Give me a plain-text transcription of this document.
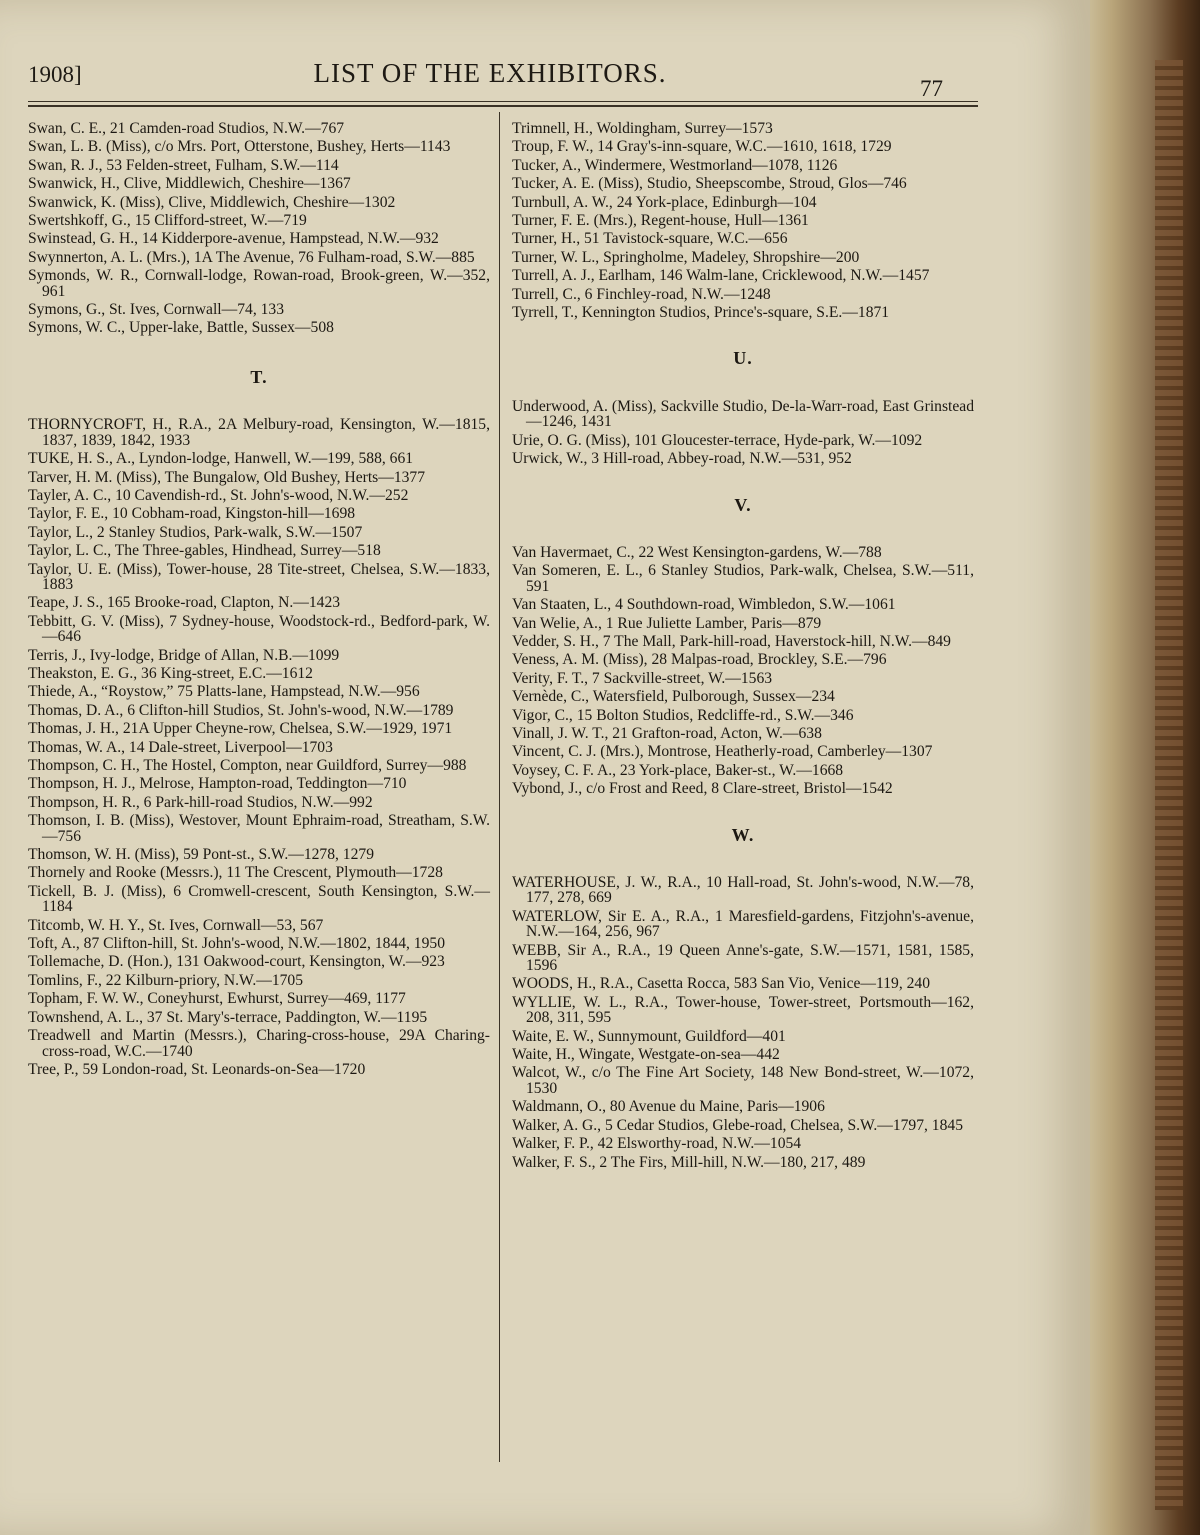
1908]	LIST OF THE EXHIBITORS.
77
Swan, C. E., 21 Camden-road Studios, N.W.—767
Swan, L. B. (Miss), c/o Mrs. Port, Otterstone, Bushey, Herts—1143
Swan, R. J., 53 Felden-street, Fulham, S.W.—114
Swanwick, H., Clive, Middlewich, Cheshire—1367
Swanwick, K. (Miss), Clive, Middlewich, Cheshire—1302
Swertshkoff, G., 15 Clifford-street, W.—719
Swinstead, G. H., 14 Kidderpore-avenue, Hampstead, N.W.—932
Swynnerton, A. L. (Mrs.), 1A The Avenue, 76 Fulham-road, S.W.—885
Symonds, W. R., Cornwall-lodge, Rowan-road, Brook-green, W.—352, 961
Symons, G., St. Ives, Cornwall—74, 133
Symons, W. C., Upper-lake, Battle, Sussex—508
T.
THORNYCROFT, H., R.A., 2A Melbury-road, Kensington, W.—1815, 1837, 1839, 1842, 1933
TUKE, H. S., A., Lyndon-lodge, Hanwell, W.—199, 588, 661
Tarver, H. M. (Miss), The Bungalow, Old Bushey, Herts—1377
Tayler, A. C., 10 Cavendish-rd., St. John's-wood, N.W.—252
Taylor, F. E., 10 Cobham-road, Kingston-hill—1698
Taylor, L., 2 Stanley Studios, Park-walk, S.W.—1507
Taylor, L. C., The Three-gables, Hindhead, Surrey—518
Taylor, U. E. (Miss), Tower-house, 28 Tite-street, Chelsea, S.W.—1833, 1883
Teape, J. S., 165 Brooke-road, Clapton, N.—1423
Tebbitt, G. V. (Miss), 7 Sydney-house, Woodstock-rd., Bedford-park, W.—646
Terris, J., Ivy-lodge, Bridge of Allan, N.B.—1099
Theakston, E. G., 36 King-street, E.C.—1612
Thiede, A., “Roystow,” 75 Platts-lane, Hampstead, N.W.—956
Thomas, D. A., 6 Clifton-hill Studios, St. John's-wood, N.W.—1789
Thomas, J. H., 21A Upper Cheyne-row, Chelsea, S.W.—1929, 1971
Thomas, W. A., 14 Dale-street, Liverpool—1703
Thompson, C. H., The Hostel, Compton, near Guildford, Surrey—988
Thompson, H. J., Melrose, Hampton-road, Teddington—710
Thompson, H. R., 6 Park-hill-road Studios, N.W.—992
Thomson, I. B. (Miss), Westover, Mount Ephraim-road, Streatham, S.W.—756
Thomson, W. H. (Miss), 59 Pont-st., S.W.—1278, 1279
Thornely and Rooke (Messrs.), 11 The Crescent, Plymouth—1728
Tickell, B. J. (Miss), 6 Cromwell-crescent, South Kensington, S.W.—1184
Titcomb, W. H. Y., St. Ives, Cornwall—53, 567
Toft, A., 87 Clifton-hill, St. John's-wood, N.W.—1802, 1844, 1950
Tollemache, D. (Hon.), 131 Oakwood-court, Kensington, W.—923
Tomlins, F., 22 Kilburn-priory, N.W.—1705
Topham, F. W. W., Coneyhurst, Ewhurst, Surrey—469, 1177
Townshend, A. L., 37 St. Mary's-terrace, Paddington, W.—1195
Treadwell and Martin (Messrs.), Charing-cross-house, 29A Charing-cross-road, W.C.—1740
Tree, P., 59 London-road, St. Leonards-on-Sea—1720
Trimnell, H., Woldingham, Surrey—1573
Troup, F. W., 14 Gray's-inn-square, W.C.—1610, 1618, 1729
Tucker, A., Windermere, Westmorland—1078, 1126
Tucker, A. E. (Miss), Studio, Sheepscombe, Stroud, Glos—746
Turnbull, A. W., 24 York-place, Edinburgh—104
Turner, F. E. (Mrs.), Regent-house, Hull—1361
Turner, H., 51 Tavistock-square, W.C.—656
Turner, W. L., Springholme, Madeley, Shropshire—200
Turrell, A. J., Earlham, 146 Walm-lane, Cricklewood, N.W.—1457
Turrell, C., 6 Finchley-road, N.W.—1248
Tyrrell, T., Kennington Studios, Prince's-square, S.E.—1871
U.
Underwood, A. (Miss), Sackville Studio, De-la-Warr-road, East Grinstead—1246, 1431
Urie, O. G. (Miss), 101 Gloucester-terrace, Hyde-park, W.—1092
Urwick, W., 3 Hill-road, Abbey-road, N.W.—531, 952
V.
Van Havermaet, C., 22 West Kensington-gardens, W.—788
Van Someren, E. L., 6 Stanley Studios, Park-walk, Chelsea, S.W.—511, 591
Van Staaten, L., 4 Southdown-road, Wimbledon, S.W.—1061
Van Welie, A., 1 Rue Juliette Lamber, Paris—879
Vedder, S. H., 7 The Mall, Park-hill-road, Haverstock-hill, N.W.—849
Veness, A. M. (Miss), 28 Malpas-road, Brockley, S.E.—796
Verity, F. T., 7 Sackville-street, W.—1563
Vernède, C., Watersfield, Pulborough, Sussex—234
Vigor, C., 15 Bolton Studios, Redcliffe-rd., S.W.—346
Vinall, J. W. T., 21 Grafton-road, Acton, W.—638
Vincent, C. J. (Mrs.), Montrose, Heatherly-road, Camberley—1307
Voysey, C. F. A., 23 York-place, Baker-st., W.—1668
Vybond, J., c/o Frost and Reed, 8 Clare-street, Bristol—1542
W.
WATERHOUSE, J. W., R.A., 10 Hall-road, St. John's-wood, N.W.—78, 177, 278, 669
WATERLOW, Sir E. A., R.A., 1 Maresfield-gardens, Fitzjohn's-avenue, N.W.—164, 256, 967
WEBB, Sir A., R.A., 19 Queen Anne's-gate, S.W.—1571, 1581, 1585, 1596
WOODS, H., R.A., Casetta Rocca, 583 San Vio, Venice—119, 240
WYLLIE, W. L., R.A., Tower-house, Tower-street, Portsmouth—162, 208, 311, 595
Waite, E. W., Sunnymount, Guildford—401
Waite, H., Wingate, Westgate-on-sea—442
Walcot, W., c/o The Fine Art Society, 148 New Bond-street, W.—1072, 1530
Waldmann, O., 80 Avenue du Maine, Paris—1906
Walker, A. G., 5 Cedar Studios, Glebe-road, Chelsea, S.W.—1797, 1845
Walker, F. P., 42 Elsworthy-road, N.W.—1054
Walker, F. S., 2 The Firs, Mill-hill, N.W.—180, 217, 489
